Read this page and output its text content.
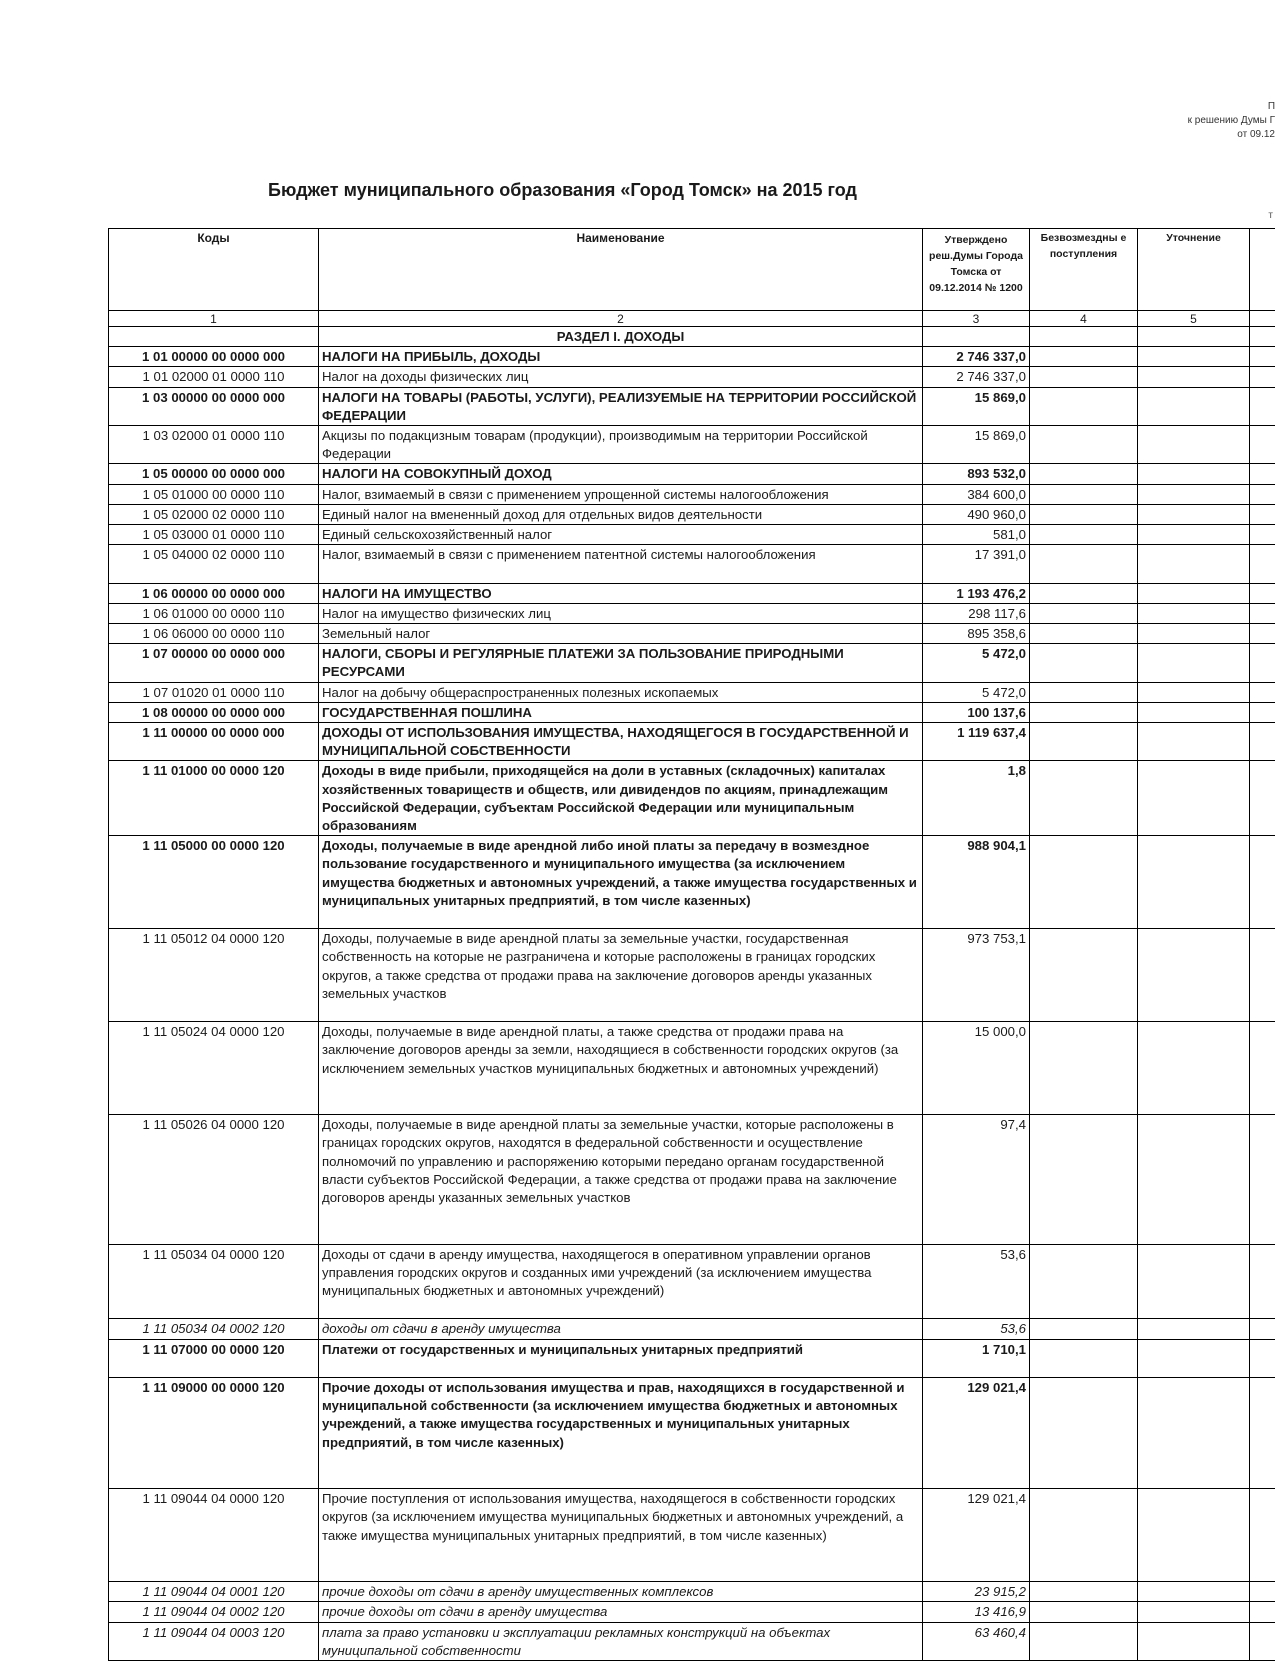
П
к решению Думы Г
от 09.12
Бюджет муниципального образования «Город Томск» на 2015 год
т
Коды	Наименование	Утверждено реш.Думы Города Томска от 09.12.2014 № 1200	Безвозмездны е поступления	Уточнение	
1	2	3	4	5	
	РАЗДЕЛ I. ДОХОДЫ				
1 01 00000 00 0000 000	НАЛОГИ НА ПРИБЫЛЬ, ДОХОДЫ	2 746 337,0			
1 01 02000 01 0000 110	Налог на доходы физических лиц	2 746 337,0			
1 03 00000 00 0000 000	НАЛОГИ НА ТОВАРЫ (РАБОТЫ, УСЛУГИ), РЕАЛИЗУЕМЫЕ НА ТЕРРИТОРИИ РОССИЙСКОЙ ФЕДЕРАЦИИ	15 869,0			
1 03 02000 01 0000 110	Акцизы по подакцизным товарам (продукции), производимым на территории Российской Федерации	15 869,0			
1 05 00000 00 0000 000	НАЛОГИ НА СОВОКУПНЫЙ ДОХОД	893 532,0			
1 05 01000 00 0000 110	Налог, взимаемый в связи с применением упрощенной системы налогообложения	384 600,0			
1 05 02000 02 0000 110	Единый налог на вмененный доход для отдельных видов деятельности	490 960,0			
1 05 03000 01 0000 110	Единый сельскохозяйственный налог	581,0			
1 05 04000 02 0000 110	Налог, взимаемый в связи с применением патентной системы налогообложения	17 391,0			
1 06 00000 00 0000 000	НАЛОГИ НА ИМУЩЕСТВО	1 193 476,2			
1 06 01000 00 0000 110	Налог на имущество физических лиц	298 117,6			
1 06 06000 00 0000 110	Земельный налог	895 358,6			
1 07 00000 00 0000 000	НАЛОГИ, СБОРЫ И РЕГУЛЯРНЫЕ ПЛАТЕЖИ ЗА ПОЛЬЗОВАНИЕ ПРИРОДНЫМИ РЕСУРСАМИ	5 472,0			
1 07 01020 01 0000 110	Налог на добычу общераспространенных полезных ископаемых	5 472,0			
1 08 00000 00 0000 000	ГОСУДАРСТВЕННАЯ ПОШЛИНА	100 137,6			
1 11 00000 00 0000 000	ДОХОДЫ ОТ ИСПОЛЬЗОВАНИЯ ИМУЩЕСТВА, НАХОДЯЩЕГОСЯ В ГОСУДАРСТВЕННОЙ И МУНИЦИПАЛЬНОЙ СОБСТВЕННОСТИ	1 119 637,4			
1 11 01000 00 0000 120	Доходы в виде прибыли, приходящейся на доли в уставных (складочных) капиталах хозяйственных товариществ и обществ, или дивидендов по акциям, принадлежащим Российской Федерации, субъектам Российской Федерации или муниципальным образованиям	1,8			
1 11 05000 00 0000 120	Доходы, получаемые в виде арендной либо иной платы за передачу в возмездное пользование государственного и муниципального имущества (за исключением имущества бюджетных и автономных учреждений, а также имущества государственных и муниципальных унитарных предприятий, в том числе казенных)	988 904,1			
1 11 05012 04 0000 120	Доходы, получаемые в виде арендной платы за земельные участки, государственная собственность на которые не разграничена и которые расположены в границах городских округов, а также средства от продажи права на заключение договоров аренды указанных земельных участков	973 753,1			
1 11 05024 04 0000 120	Доходы, получаемые в виде арендной платы, а также средства от продажи права на заключение договоров аренды за земли, находящиеся в собственности городских округов (за исключением земельных участков муниципальных бюджетных и автономных учреждений)	15 000,0			
1 11 05026 04 0000 120	Доходы, получаемые в виде арендной платы за земельные участки, которые расположены в границах городских округов, находятся в федеральной собственности и осуществление полномочий по управлению и распоряжению которыми передано органам государственной власти субъектов Российской Федерации, а также средства от продажи права на заключение договоров аренды указанных земельных участков	97,4			
1 11 05034 04 0000 120	Доходы от сдачи в аренду имущества, находящегося в оперативном управлении органов управления городских округов и созданных ими учреждений (за исключением имущества муниципальных бюджетных и автономных учреждений)	53,6			
1 11 05034 04 0002 120	доходы от сдачи в аренду имущества	53,6			
1 11 07000 00 0000 120	Платежи от государственных и муниципальных унитарных предприятий	1 710,1			
1 11 09000 00 0000 120	Прочие доходы от использования имущества и прав, находящихся в государственной и муниципальной собственности (за исключением имущества бюджетных и автономных учреждений, а также имущества государственных и муниципальных унитарных предприятий, в том числе казенных)	129 021,4			
1 11 09044 04 0000 120	Прочие поступления от использования имущества, находящегося в собственности городских округов (за исключением имущества муниципальных бюджетных и автономных учреждений, а также имущества муниципальных унитарных предприятий, в том числе казенных)	129 021,4			
1 11 09044 04 0001 120	прочие доходы от сдачи в аренду имущественных комплексов	23 915,2			
1 11 09044 04 0002 120	прочие доходы от сдачи в аренду имущества	13 416,9			
1 11 09044 04 0003 120	плата за право установки и эксплуатации рекламных конструкций на объектах муниципальной собственности	63 460,4			
